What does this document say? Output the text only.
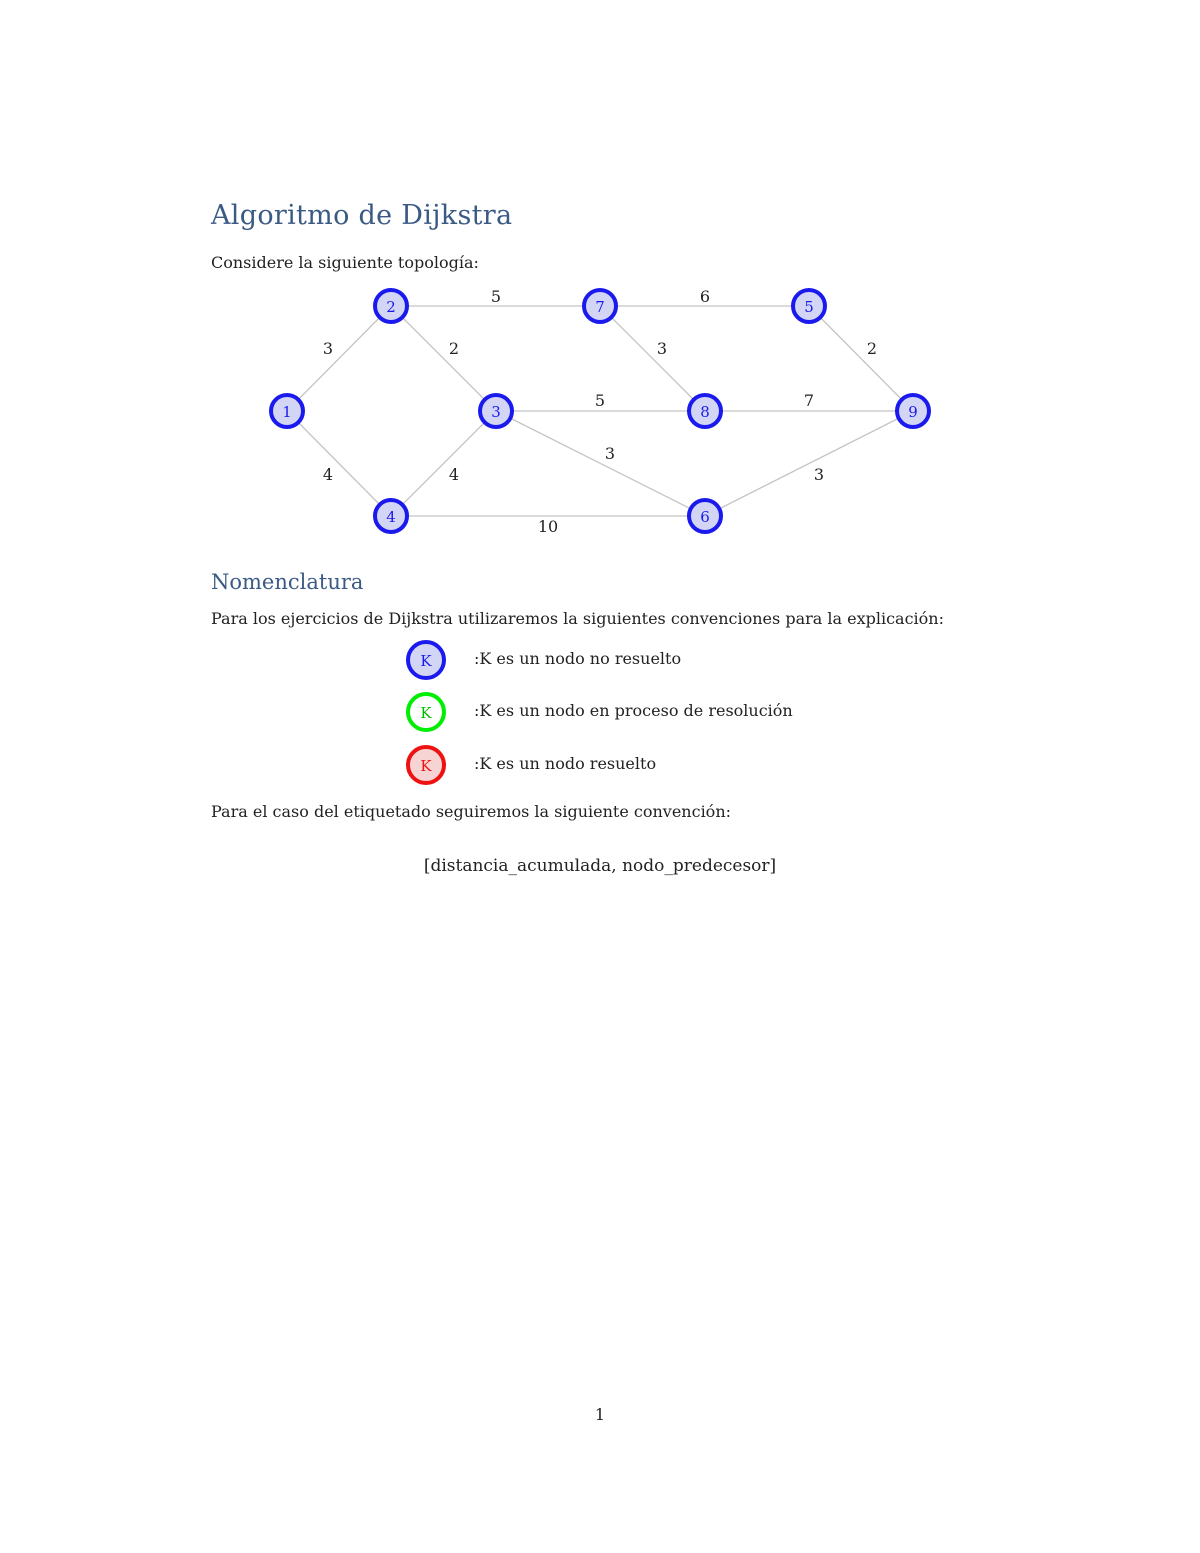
Algoritmo de Dijkstra
Considere la siguiente topología:
3
4
5
2
4
5
3
10
6
3	2
7
3
1
2
3
4
5
6
7
8	9
Nomenclatura
Para los ejercicios de Dijkstra utilizaremos la siguientes convenciones para la explicación:
K	:K es un nodo no resuelto
K	:K es un nodo en proceso de resolución
K	:K es un nodo resuelto
Para el caso del etiquetado seguiremos la siguiente convención:
[distancia_acumulada, nodo_predecesor]
1
